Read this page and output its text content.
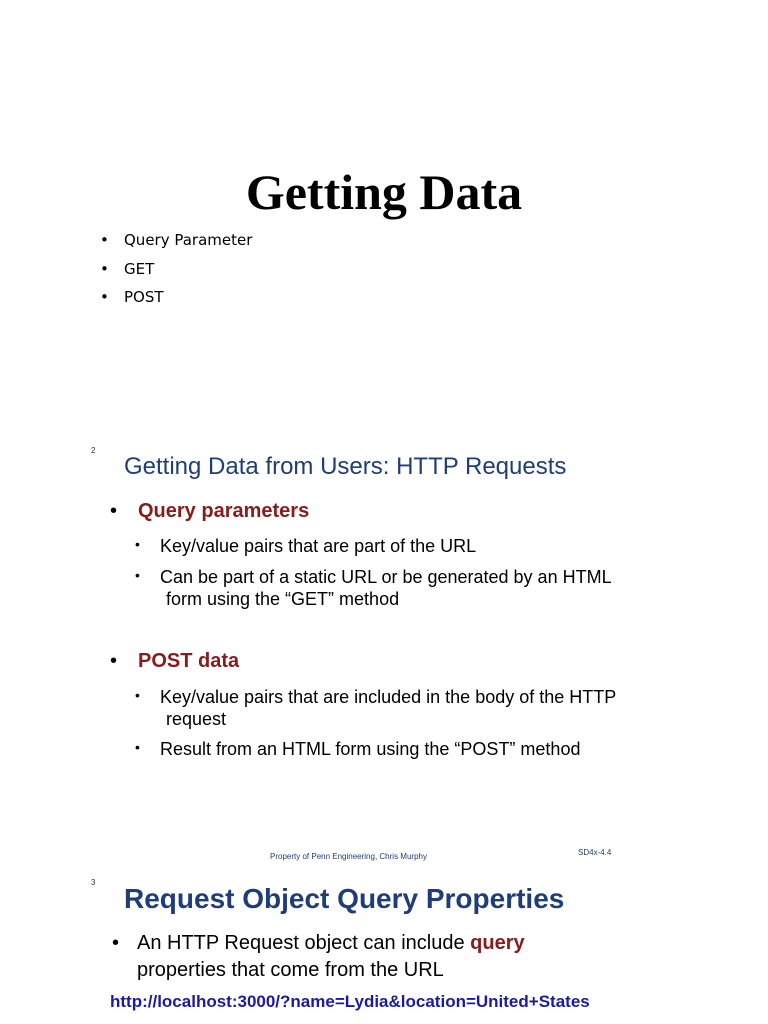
Getting Data
• Query Parameter
• GET
• POST
2
Getting Data from Users: HTTP Requests
• Query parameters
• Key/value pairs that are part of the URL
• Can be part of a static URL or be generated by an HTML
form using the “GET” method
• POST data
• Key/value pairs that are included in the body of the HTTP
request
• Result from an HTML form using the “POST” method
Property of Penn Engineering, Chris Murphy	SD4x-4.4
3
Request Object Query Properties
• An HTTP Request object can include query
properties that come from the URL
http://localhost:3000/?name=Lydia&location=United+States
